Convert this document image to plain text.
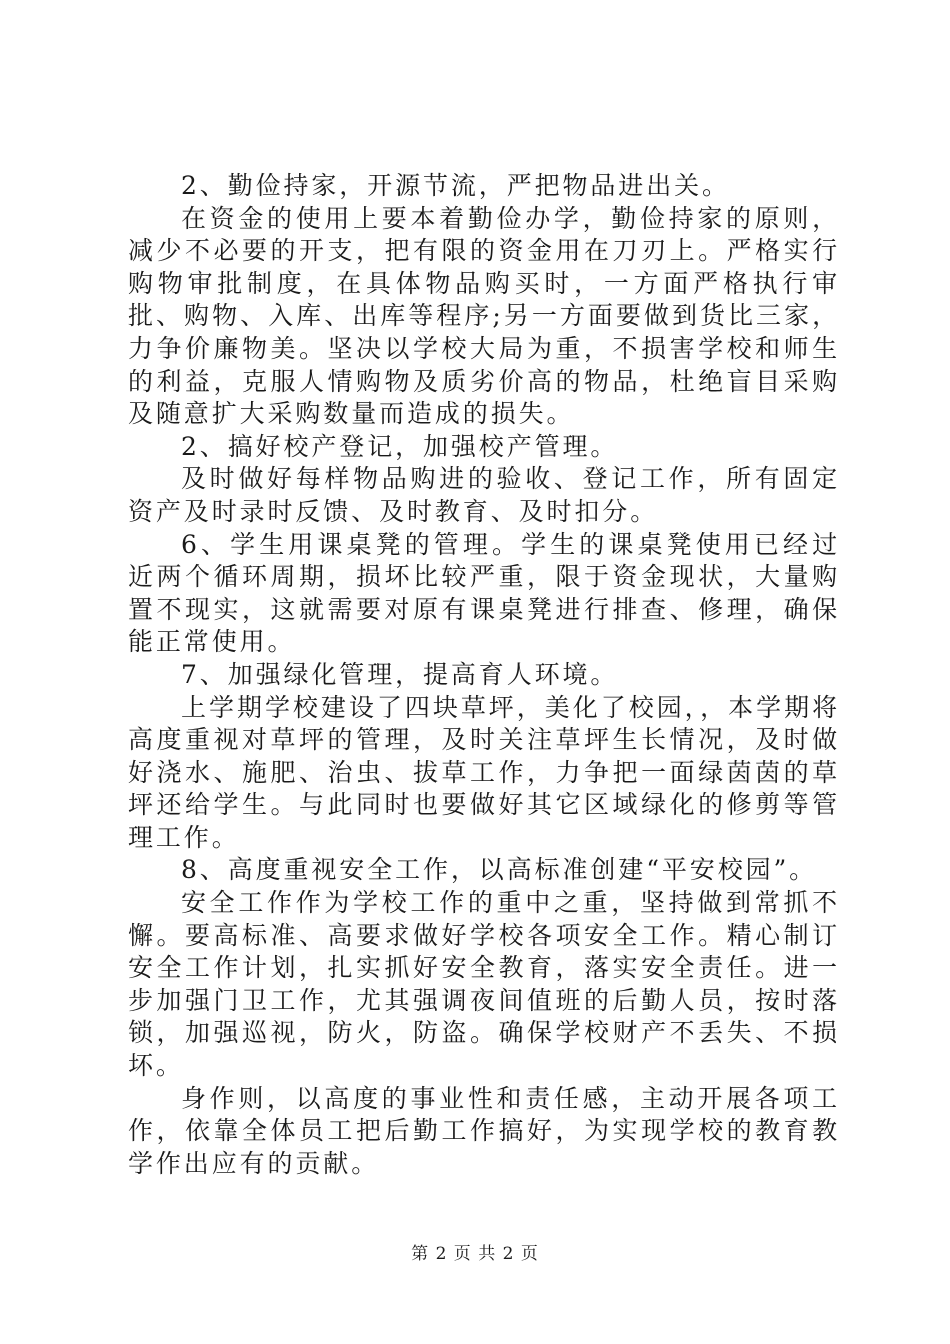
2、勤俭持家，开源节流，严把物品进出关。

在资金的使用上要本着勤俭办学，勤俭持家的原则，减少不必要的开支，把有限的资金用在刀刃上。严格实行购物审批制度，在具体物品购买时，一方面严格执行审批、购物、入库、出库等程序;另一方面要做到货比三家，力争价廉物美。坚决以学校大局为重，不损害学校和师生的利益，克服人情购物及质劣价高的物品，杜绝盲目采购及随意扩大采购数量而造成的损失。

2、搞好校产登记，加强校产管理。

及时做好每样物品购进的验收、登记工作，所有固定资产及时录时反馈、及时教育、及时扣分。

6、学生用课桌凳的管理。学生的课桌凳使用已经过近两个循环周期，损坏比较严重，限于资金现状，大量购置不现实，这就需要对原有课桌凳进行排查、修理，确保能正常使用。

7、加强绿化管理，提高育人环境。

上学期学校建设了四块草坪，美化了校园，，本学期将高度重视对草坪的管理，及时关注草坪生长情况，及时做好浇水、施肥、治虫、拔草工作，力争把一面绿茵茵的草坪还给学生。与此同时也要做好其它区域绿化的修剪等管理工作。

8、高度重视安全工作，以高标准创建“平安校园”。

安全工作作为学校工作的重中之重，坚持做到常抓不懈。要高标准、高要求做好学校各项安全工作。精心制订安全工作计划，扎实抓好安全教育，落实安全责任。进一步加强门卫工作，尤其强调夜间值班的后勤人员，按时落锁，加强巡视，防火，防盗。确保学校财产不丢失、不损坏。

身作则，以高度的事业性和责任感，主动开展各项工作，依靠全体员工把后勤工作搞好，为实现学校的教育教学作出应有的贡献。

第 2 页 共 2 页
